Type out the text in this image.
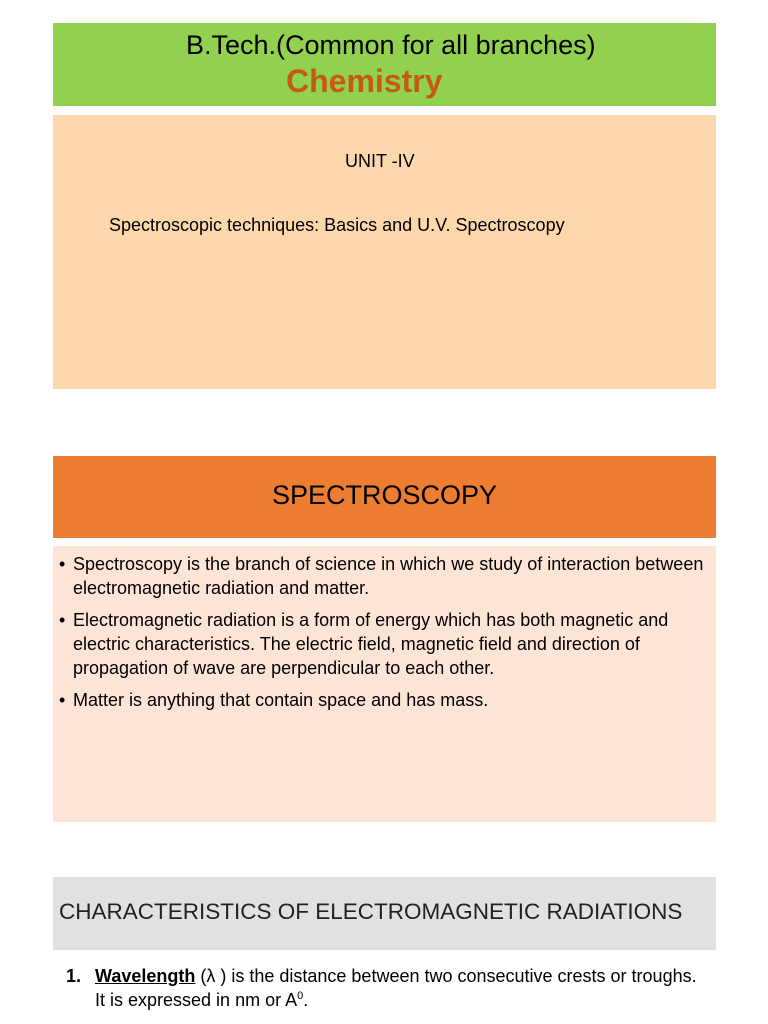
B.Tech.(Common for all branches)
Chemistry
UNIT -IV
Spectroscopic techniques: Basics and U.V. Spectroscopy
SPECTROSCOPY
• Spectroscopy is the branch of science in which we study of interaction between electromagnetic radiation and matter.
• Electromagnetic radiation is a form of energy which has both magnetic and electric characteristics. The electric field, magnetic field and direction of propagation of wave are perpendicular to each other.
• Matter is anything that contain space and has mass.
CHARACTERISTICS OF ELECTROMAGNETIC RADIATIONS
1. Wavelength (λ ) is the distance between two consecutive crests or troughs. It is expressed in nm or $A^0$.
